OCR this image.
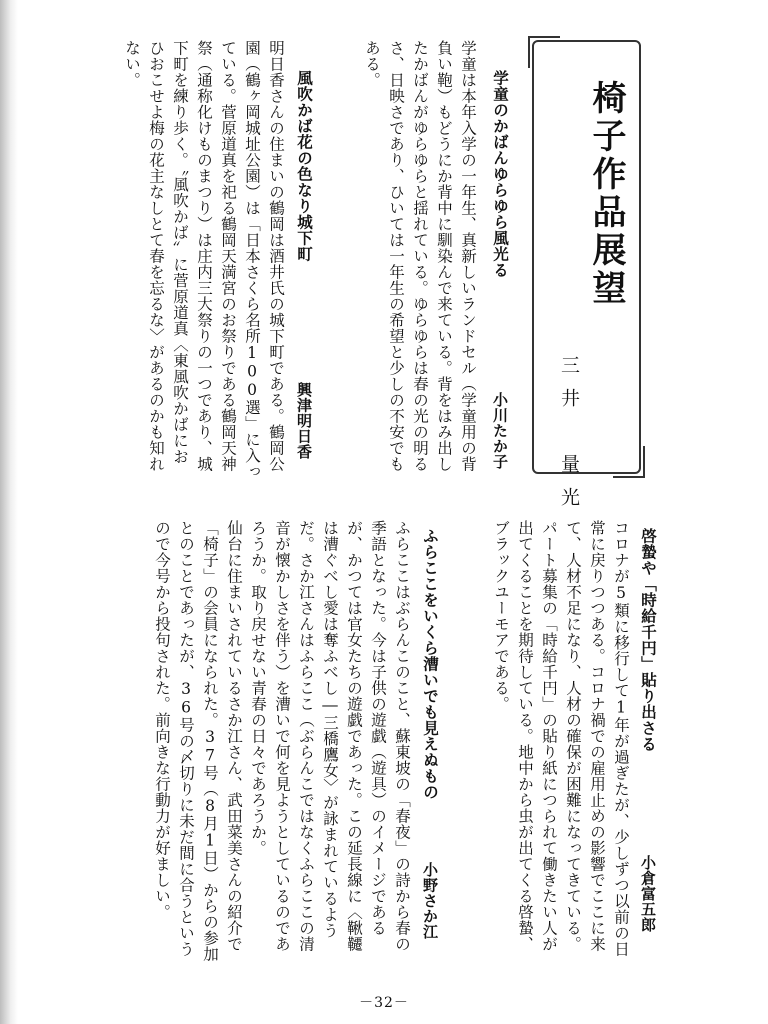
椅子作品展望
三井　量光
学童のかばんゆらゆら風光る
小川たか子
学童は本年入学の一年生、真新しいランドセル（学童用の背負い鞄）もどうにか背中に馴染んで来ている。背をはみ出したかばんがゆらゆらと揺れている。ゆらゆらは春の光の明るさ、日映さであり、ひいては一年生の希望と少しの不安でもある。
風吹かば花の色なり城下町
興津明日香
明日香さんの住まいの鶴岡は酒井氏の城下町である。鶴岡公園（鶴ヶ岡城址公園）は「日本さくら名所100選」に入っている。菅原道真を祀る鶴岡天満宮のお祭りである鶴岡天神祭（通称化けものまつり）は庄内三大祭りの一つであり、城下町を練り歩く。〝風吹かば〟に菅原道真〈東風吹かばにおひおこせよ梅の花主なしとて春を忘るな〉があるのかも知れない。
啓蟄や「時給千円」貼り出さる
小倉富五郎
コロナが5類に移行して1年が過ぎたが、少しずつ以前の日常に戻りつつある。コロナ禍での雇用止めの影響でここに来て、人材不足になり、人材の確保が困難になってきている。パート募集の「時給千円」の貼り紙につられて働きたい人が出てくることを期待している。地中から虫が出てくる啓蟄、ブラックユーモアである。
ふらここをいくら漕いでも見えぬもの
小野さか江
ふらここはぶらんこのこと、蘇東坡の「春夜」の詩から春の季語となった。今は子供の遊戯（遊具）のイメージであるが、かつては官女たちの遊戯であった。この延長線に〈鞦韆は漕ぐべし愛は奪ふべし―三橋鷹女〉が詠まれているようだ。さか江さんはふらここ（ぶらんこではなくふらここの清音が懐かしさを伴う）を漕いで何を見ようとしているのであろうか。取り戻せない青春の日々であろうか。
仙台に住まいされているさか江さん、武田菜美さんの紹介で「椅子」の会員になられた。37号（8月1日）からの参加とのことであったが、36号の〆切りに未だ間に合うというので今号から投句された。前向きな行動力が好ましい。
－32－
